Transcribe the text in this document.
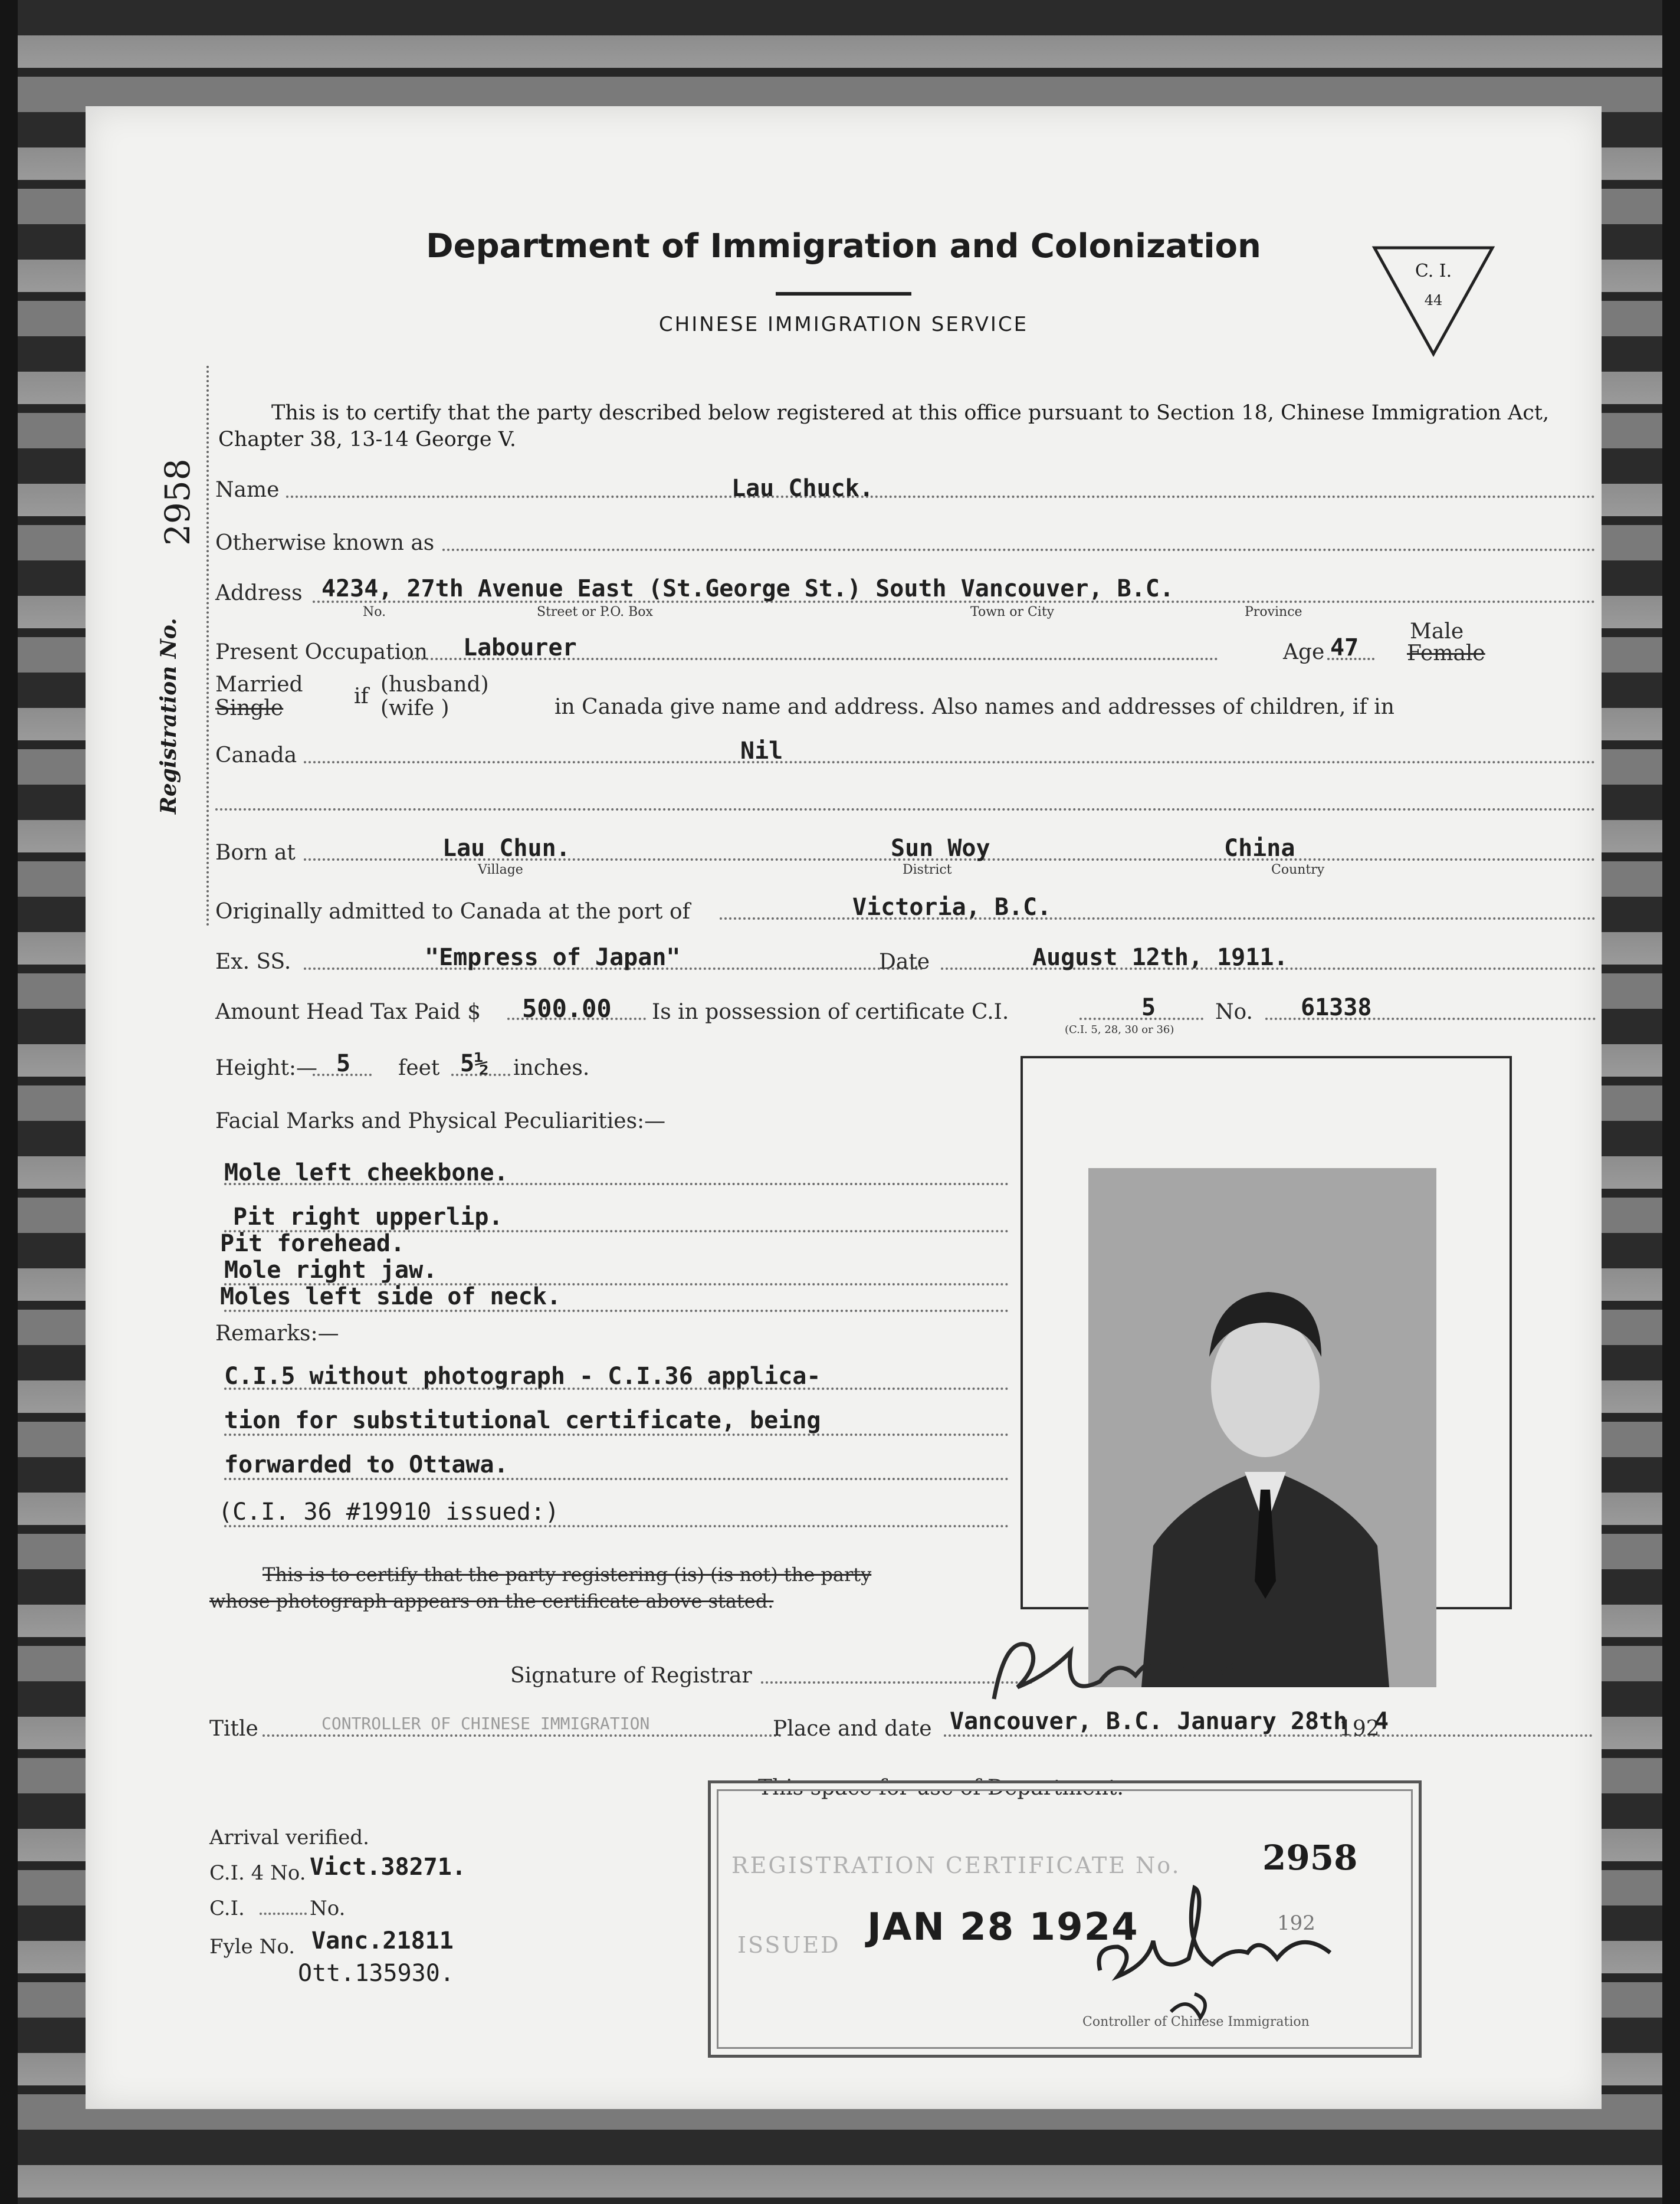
Department of Immigration and Colonization
CHINESE IMMIGRATION SERVICE
C. I.
44
2958
Registration No.
This is to certify that the party described below registered at this office pursuant to Section 18, Chinese Immigration Act, Chapter 38, 13-14 George V.
Name	Lau Chuck.
Otherwise known as
Address 4234, 27th Avenue East (St.George St.) South Vancouver, B.C.
No.	Street or P.O. Box	Town or City	Province
Present Occupation Labourer	Age 47
Male
Female
Married
Single	if (husband)
(wife )	in Canada give name and address. Also names and addresses of children, if in
Canada	Nil
Born at	Lau Chun.	Sun Woy	China
Village	District	Country
Originally admitted to Canada at the port of	Victoria, B.C.
Ex. SS.	"Empress of Japan"	Date	August 12th, 1911.
Amount Head Tax Paid $ 500.00 Is in possession of certificate C.I.	5	No. 61338
(C.I. 5, 28, 30 or 36)
Height:— 5 feet 5½ inches.
Facial Marks and Physical Peculiarities:—
Mole left cheekbone.
Pit right upperlip.
Pit forehead.
Mole right jaw.
Moles left side of neck.
Remarks:—
C.I.5 without photograph - C.I.36 applica-
tion for substitutional certificate, being
forwarded to Ottawa.
(C.I. 36 #19910 issued:)
This is to certify that the party registering (is) (is not) the party
whose photograph appears on the certificate above stated.
Signature of Registrar
Title	CONTROLLER OF CHINESE IMMIGRATION	Place and date Vancouver, B.C. January 28th
192
4
This space for use of Department.
REGISTRATION CERTIFICATE No. 2958
ISSUED JAN 28 1924	192
Controller of Chinese Immigration
Arrival verified.
C.I. 4 No. Vict.38271.
C.I.	No.
Fyle No. Vanc.21811
Ott.135930.
